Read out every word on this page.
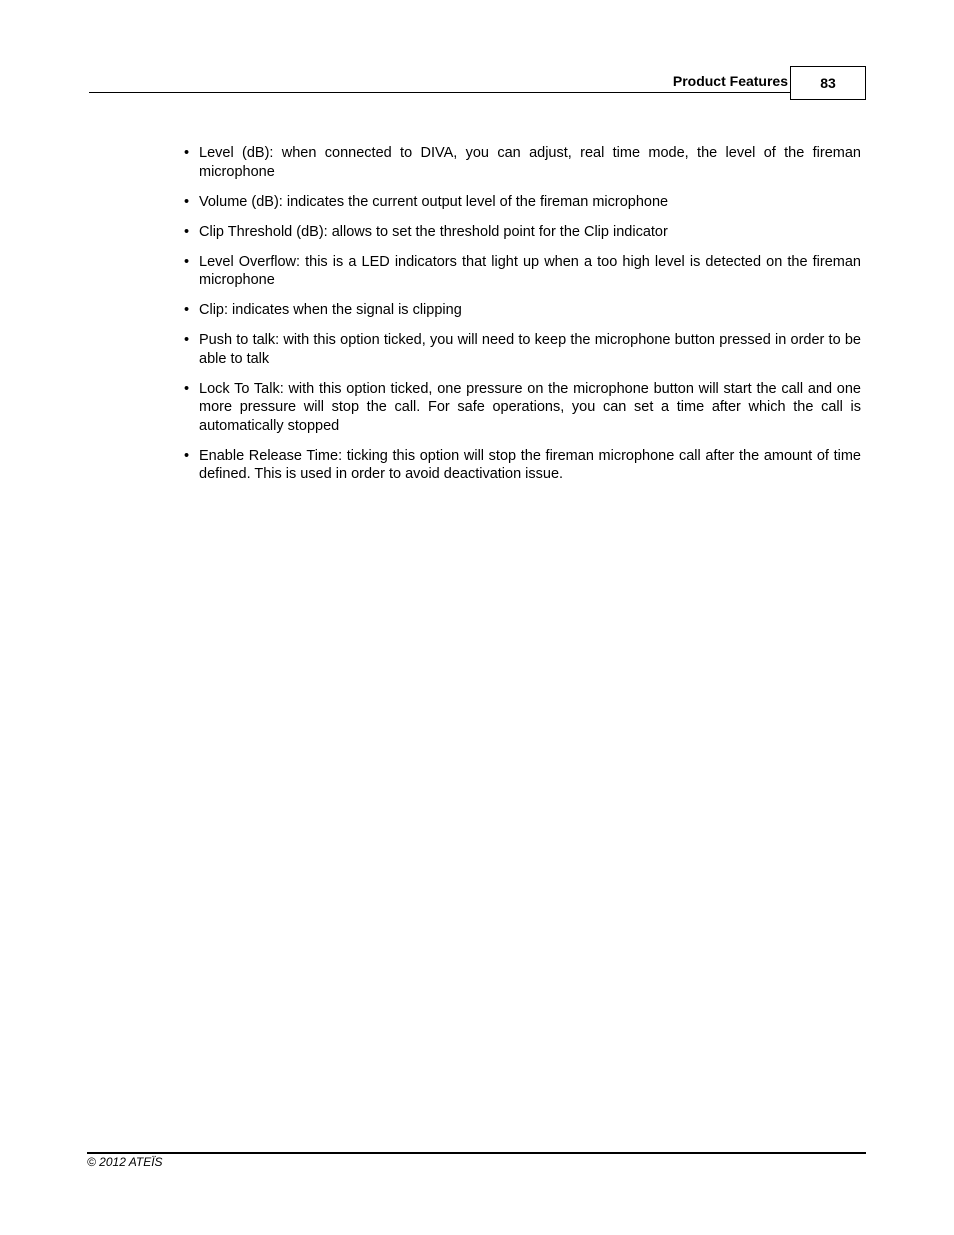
Product Features	83
• Level (dB): when connected to DIVA, you can adjust, real time mode, the level of the fireman microphone
• Volume (dB): indicates the current output level of the fireman microphone
• Clip Threshold (dB): allows to set the threshold point for the Clip indicator
• Level Overflow: this is a LED indicators that light up when a too high level is detected on the fireman microphone
• Clip: indicates when the signal is clipping
• Push to talk: with this option ticked, you will need to keep the microphone button pressed in order to be able to talk
• Lock To Talk: with this option ticked, one pressure on the microphone button will start the call and one more pressure will stop the call. For safe operations, you can set a time after which the call is automatically stopped
• Enable Release Time: ticking this option will stop the fireman microphone call after the amount of time defined. This is used in order to avoid deactivation issue.
© 2012 ATEÏS
